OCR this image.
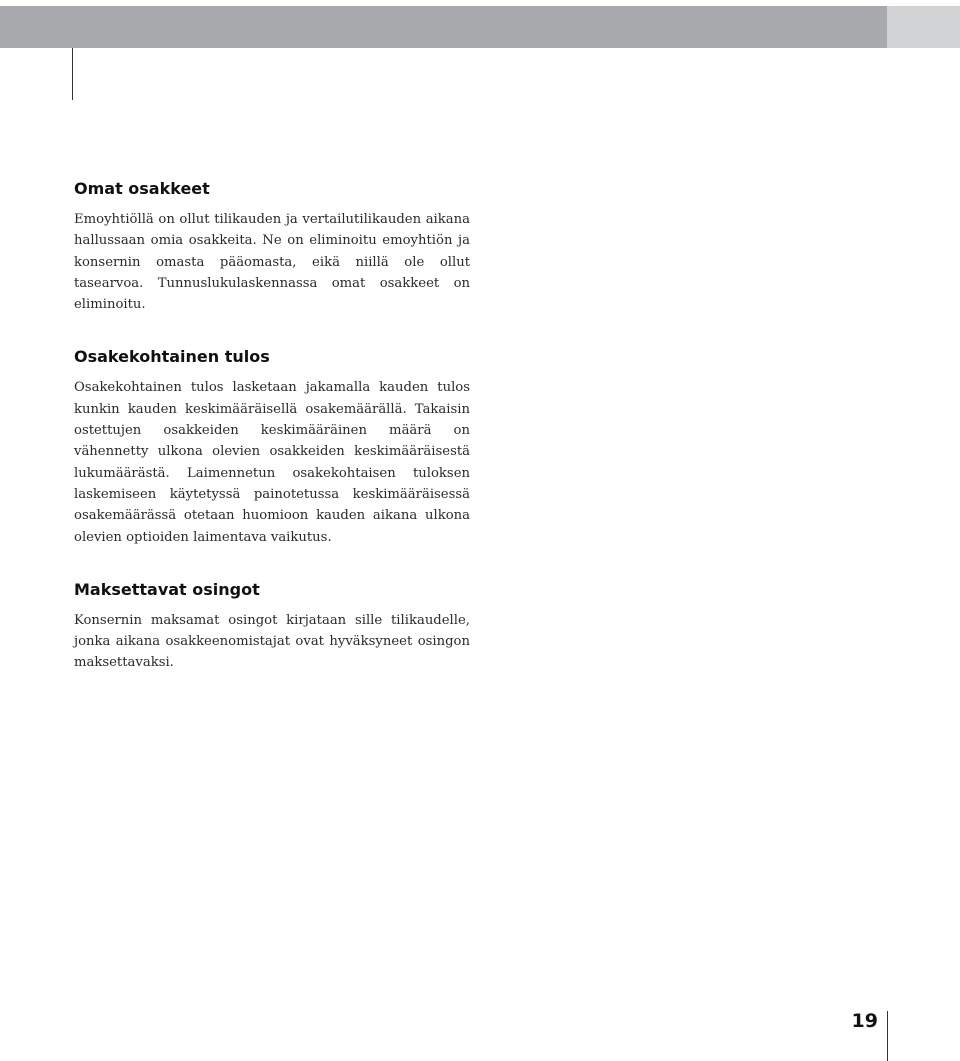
Omat osakkeet

Emoyhtiöllä on ollut tilikauden ja vertailutilikauden aikana hallussaan omia osakkeita. Ne on eliminoitu emoyhtiön ja konsernin omasta pääomasta, eikä niillä ole ollut tasearvoa. Tunnuslukulaskennassa omat osakkeet on eliminoitu.

Osakekohtainen tulos

Osakekohtainen tulos lasketaan jakamalla kauden tulos kunkin kauden keskimääräisellä osakemäärällä. Takaisin ostettujen osakkeiden keskimääräinen määrä on vähennetty ulkona olevien osakkeiden keskimääräisestä lukumäärästä. Laimennetun osakekohtaisen tuloksen laskemiseen käytetyssä painotetussa keskimääräisessä osakemäärässä otetaan huomioon kauden aikana ulkona olevien optioiden laimentava vaikutus.

Maksettavat osingot

Konsernin maksamat osingot kirjataan sille tilikaudelle, jonka aikana osakkeenomistajat ovat hyväksyneet osingon maksettavaksi.

19
